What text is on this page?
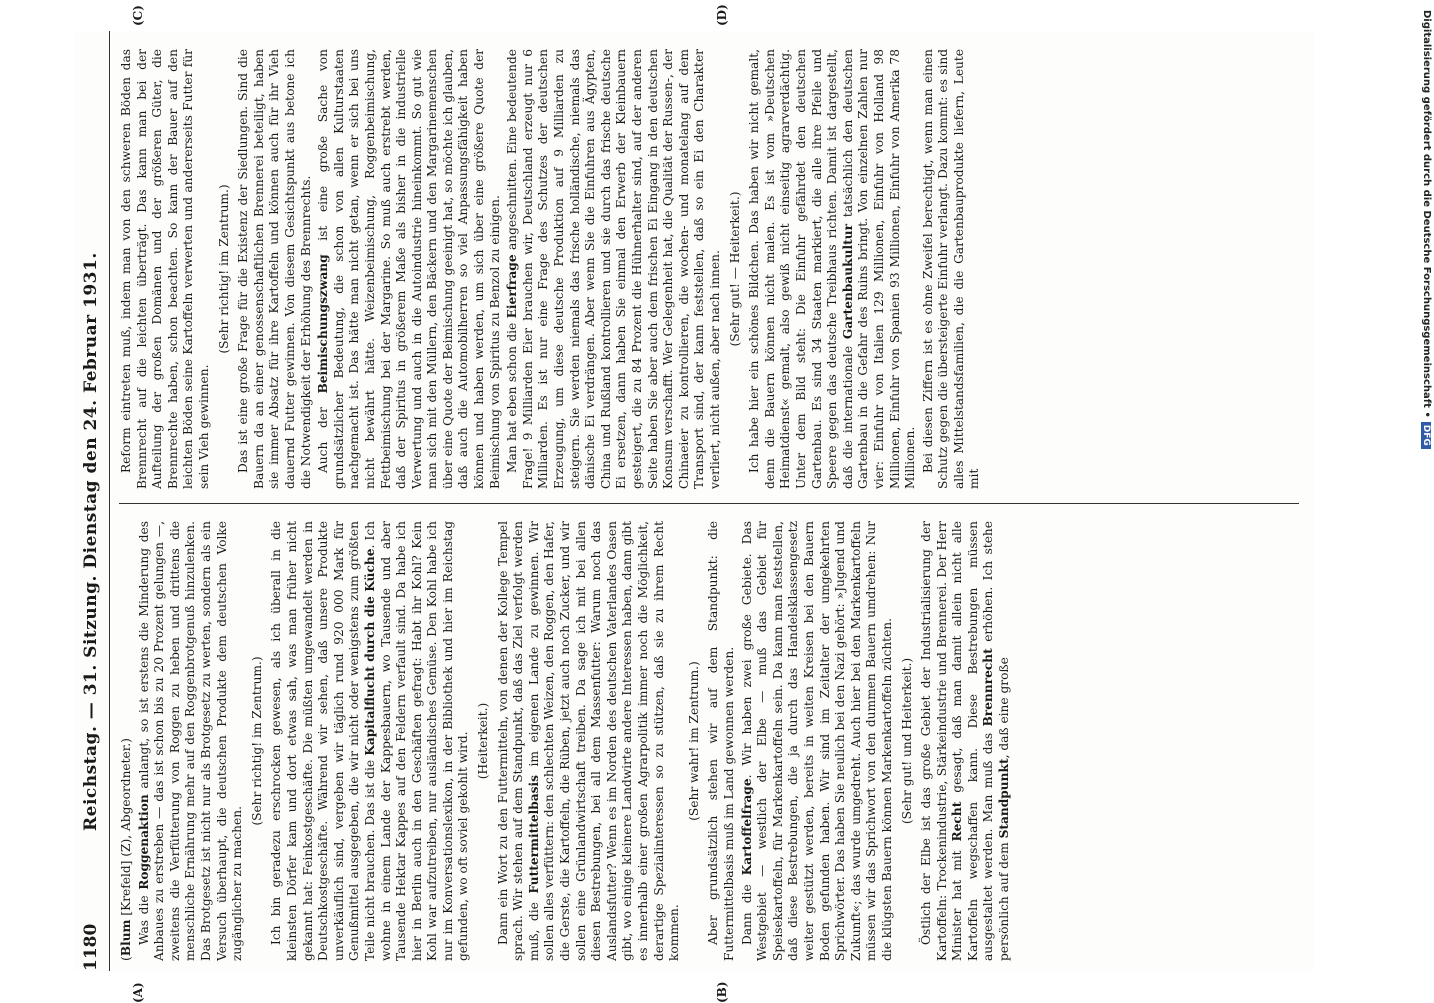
1180
Reichstag. — 31. Sitzung. Dienstag den 24. Februar 1931.
(A)	(B)
(C)	(D)

(Blum [Krefeld] (Z), Abgeordneter.)

Was die Roggenaktion anlangt, so ist erstens die Minderung des Anbaues zu erstreben — das ist schon bis zu 20 Prozent gelungen —, zweitens die Verfütterung von Roggen zu heben und drittens die menschliche Ernährung mehr auf den Roggenbrotgenuß hinzulenken. Das Brotgesetz ist nicht nur als Brotgesetz zu werten, sondern als ein Versuch überhaupt, die deutschen Produkte dem deutschen Volke zugänglicher zu machen.

(Sehr richtig! im Zentrum.) Ich bin geradezu erschrocken gewesen, als ich überall in die kleinsten Dörfer kam und dort etwas sah, was man früher nicht gekannt hat: Feinkostgeschäfte. Die müßten umgewandelt werden in Deutschkostgeschäfte. Während wir sehen, daß unsere Produkte unverkäuflich sind, vergeben wir täglich rund 920 000 Mark für Genußmittel ausgegeben, die wir nicht oder wenigstens zum größten Teile nicht brauchen. Das ist die Kapitalflucht durch die Küche. Ich wohne in einem Lande der Kappesbauern, wo Tausende und aber Tausende Hektar Kappes auf den Feldern verfault sind. Da habe ich hier in Berlin auch in den Geschäften gefragt: Habt ihr Kohl? Kein Kohl war aufzutreiben, nur ausländisches Gemüse. Den Kohl habe ich nur im Konversationslexikon, in der Bibliothek und hier im Reichstag gefunden, wo oft soviel gekohlt wird. (Heiterkeit.) Dann ein Wort zu den Futtermitteln, von denen der Kollege Tempel sprach. Wir stehen auf dem Standpunkt, daß das Ziel verfolgt werden muß, die Futtermittelbasis im eigenen Lande zu gewinnen. Wir sollen alles verfüttern: den schlechten Weizen, den Roggen, den Hafer, die Gerste, die Kartoffeln, die Rüben, jetzt auch noch Zucker, und wir sollen eine Grünlandwirtschaft treiben. Da sage ich mit bei allen diesen Bestrebungen, bei all dem Massenfutter: Warum noch das Auslandsfutter? Wenn es im Norden des deutschen Vaterlandes Oasen gibt, wo einige kleinere Landwirte andere Interessen haben, dann gibt es innerhalb einer großen Agrarpolitik immer noch die Möglichkeit, derartige Spezialinteressen so zu stützen, daß sie zu ihrem Recht kommen.

(Sehr wahr! im Zentrum.) Aber grundsätzlich stehen wir auf dem Standpunkt: die Futtermittelbasis muß im Land gewonnen werden. Dann die Kartoffelfrage. Wir haben zwei große Gebiete. Das Westgebiet — westlich der Elbe — muß das Gebiet für Speisekartoffeln, für Markenkartoffeln sein. Da kann man feststellen, daß diese Bestrebungen, die ja durch das Handelsklassengesetz weiter gestützt werden, bereits in weiten Kreisen bei den Bauern Boden gefunden haben. Wir sind im Zeitalter der umgekehrten Sprichwörter. Das haben Sie neulich bei den Nazi gehört: »Jugend und Zukunft«; das wurde umgedreht. Auch hier bei den Markenkartoffeln müssen wir das Sprichwort von den dummen Bauern umdrehen: Nur die klügsten Bauern können Markenkartoffeln züchten. (Sehr gut! und Heiterkeit.) Östlich der Elbe ist das große Gebiet der Industrialisierung der Kartoffeln: Trockenindustrie, Stärkeindustrie und Brennerei. Der Herr Minister hat mit Recht gesagt, daß man damit allein nicht alle Kartoffeln wegschaffen kann. Diese Bestrebungen müssen ausgestaltet werden. Man muß das Brennrecht erhöhen. Ich stehe persönlich auf dem Standpunkt, daß eine große

Reform eintreten muß, indem man von den schweren Böden das Brennrecht auf die leichten überträgt. Das kann man bei der Aufteilung der großen Domänen und der größeren Güter, die Brennrechte haben, schon beachten. So kann der Bauer auf den leichten Böden seine Kartoffeln verwerten und andererseits Futter für sein Vieh gewinnen.

(Sehr richtig! im Zentrum.) Das ist eine große Frage für die Existenz der Siedlungen. Sind die Bauern da an einer genossenschaftlichen Brennerei beteiligt, haben sie immer Absatz für ihre Kartoffeln und können auch für ihr Vieh dauernd Futter gewinnen. Von diesem Gesichtspunkt aus betone ich die Notwendigkeit der Erhöhung des Brennrechts. Auch der Beimischungszwang ist eine große Sache von grundsätzlicher Bedeutung, die schon von allen Kulturstaaten nachgemacht ist. Das hätte man nicht getan, wenn er sich bei uns nicht bewährt hätte. Weizenbeimischung, Roggenbeimischung, Fettbeimischung bei der Margarine. So muß auch erstrebt werden, daß der Spiritus in größerem Maße als bisher in die industrielle Verwertung und auch in die Autoindustrie hineinkommt. So gut wie man sich mit den Müllern, den Bäckern und den Margarinemenschen über eine Quote der Beimischung geeinigt hat, so möchte ich glauben, daß auch die Automobilherren so viel Anpassungsfähigkeit haben können und haben werden, um sich über eine größere Quote der Beimischung von Spiritus zu Benzol zu einigen. Man hat eben schon die Eierfrage angeschnitten. Eine bedeutende Frage! 9 Milliarden Eier brauchen wir, Deutschland erzeugt nur 6 Milliarden. Es ist nur eine Frage des Schutzes der deutschen Erzeugung, um diese deutsche Produktion auf 9 Milliarden zu steigern. Sie werden niemals das frische holländische, niemals das dänische Ei verdrängen. Aber wenn Sie die Einfuhren aus Ägypten, China und Rußland kontrollieren und sie durch das frische deutsche Ei ersetzen, dann haben Sie einmal den Erwerb der Kleinbauern gesteigert, die zu 84 Prozent die Hühnerhalter sind, auf der anderen Seite haben Sie aber auch dem frischen Ei Eingang in den deutschen Konsum verschafft. Wer Gelegenheit hat, die Qualität der Russen-, der Chinaeier zu kontrollieren, die wochen- und monatelang auf dem Transport sind, der kann feststellen, daß so ein Ei den Charakter verliert, nicht außen, aber nach innen. (Sehr gut! — Heiterkeit.) Ich habe hier ein schönes Bildchen. Das haben wir nicht gemalt, denn die Bauern können nicht malen. Es ist vom »Deutschen Heimatdienst« gemalt, also gewiß nicht einseitig agrarverdächtig. Unter dem Bild steht: Die Einfuhr gefährdet den deutschen Gartenbau. Es sind 34 Staaten markiert, die alle ihre Pfeile und Speere gegen das deutsche Treibhaus richten. Damit ist dargestellt, daß die internationale Gartenbaukultur tatsächlich den deutschen Gartenbau in die Gefahr des Ruins bringt. Von einzelnen Zahlen nur vier: Einfuhr von Italien 129 Millionen, Einfuhr von Holland 98 Millionen, Einfuhr von Spanien 93 Millionen, Einfuhr von Amerika 78 Millionen. Bei diesen Ziffern ist es ohne Zweifel berechtigt, wenn man einen Schutz gegen die übersteigerte Einfuhr verlangt. Dazu kommt: es sind alles Mittelstandsfamilien, die die Gartenbauprodukte liefern, Leute mit

Digitalisierung gefördert durch die Deutsche Forschungsgemeinschaft •DFG
